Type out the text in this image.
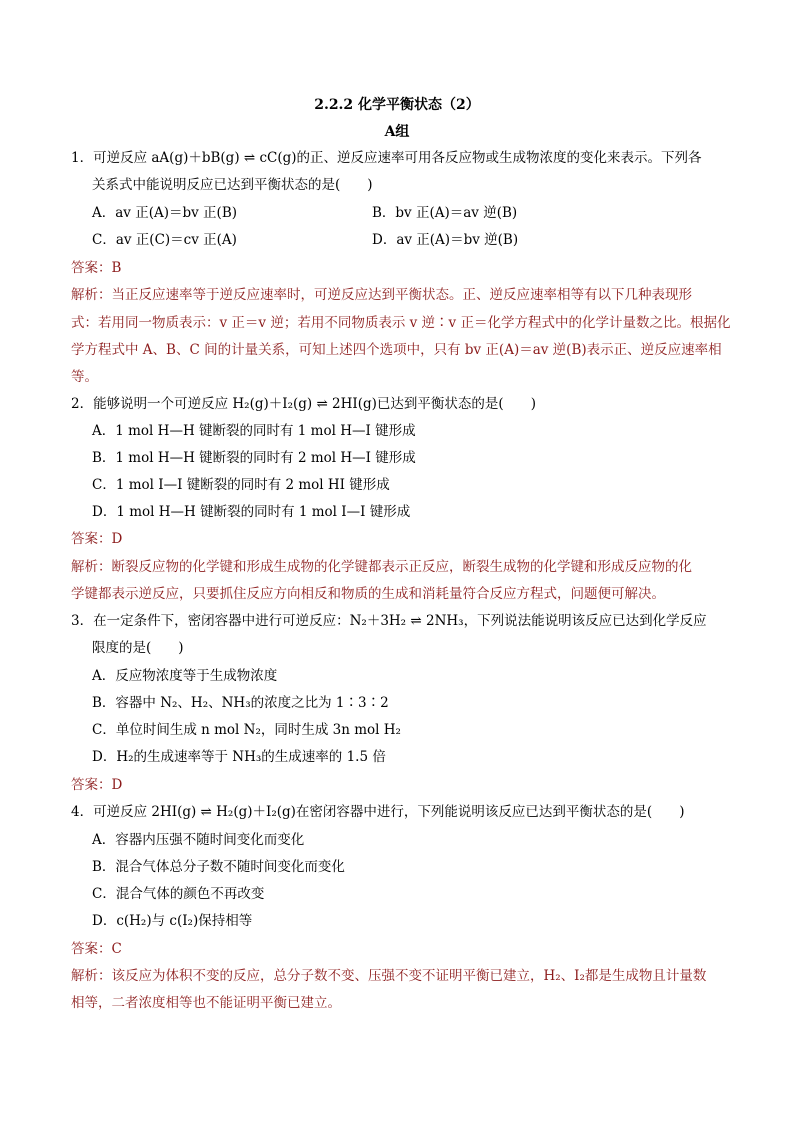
2.2.2 化学平衡状态（2）
A组
1．可逆反应 aA(g)＋bB(g) ⇌ cC(g)的正、逆反应速率可用各反应物或生成物浓度的变化来表示。下列各
关系式中能说明反应已达到平衡状态的是(　　)
A．av 正(A)＝bv 正(B)	B．bv 正(A)＝av 逆(B)
C．av 正(C)＝cv 正(A)	D．av 正(A)＝bv 逆(B)
答案：B
解析：当正反应速率等于逆反应速率时，可逆反应达到平衡状态。正、逆反应速率相等有以下几种表现形
式：若用同一物质表示：v 正＝v 逆；若用不同物质表示 v 逆∶v 正＝化学方程式中的化学计量数之比。根据化
学方程式中 A、B、C 间的计量关系，可知上述四个选项中，只有 bv 正(A)＝av 逆(B)表示正、逆反应速率相
等。
2．能够说明一个可逆反应 H₂(g)＋I₂(g) ⇌ 2HI(g)已达到平衡状态的是(　　)
A．1 mol H—H 键断裂的同时有 1 mol H—I 键形成
B．1 mol H—H 键断裂的同时有 2 mol H—I 键形成
C．1 mol I—I 键断裂的同时有 2 mol HI 键形成
D．1 mol H—H 键断裂的同时有 1 mol I—I 键形成
答案：D
解析：断裂反应物的化学键和形成生成物的化学键都表示正反应，断裂生成物的化学键和形成反应物的化
学键都表示逆反应，只要抓住反应方向相反和物质的生成和消耗量符合反应方程式，问题便可解决。
3．在一定条件下，密闭容器中进行可逆反应：N₂＋3H₂ ⇌ 2NH₃，下列说法能说明该反应已达到化学反应
限度的是(　　)
A．反应物浓度等于生成物浓度
B．容器中 N₂、H₂、NH₃的浓度之比为 1∶3∶2
C．单位时间生成 n mol N₂，同时生成 3n mol H₂
D．H₂的生成速率等于 NH₃的生成速率的 1.5 倍
答案：D
4．可逆反应 2HI(g) ⇌ H₂(g)＋I₂(g)在密闭容器中进行，下列能说明该反应已达到平衡状态的是(　　)
A．容器内压强不随时间变化而变化
B．混合气体总分子数不随时间变化而变化
C．混合气体的颜色不再改变
D．c(H₂)与 c(I₂)保持相等
答案：C
解析：该反应为体积不变的反应，总分子数不变、压强不变不证明平衡已建立，H₂、I₂都是生成物且计量数
相等，二者浓度相等也不能证明平衡已建立。
